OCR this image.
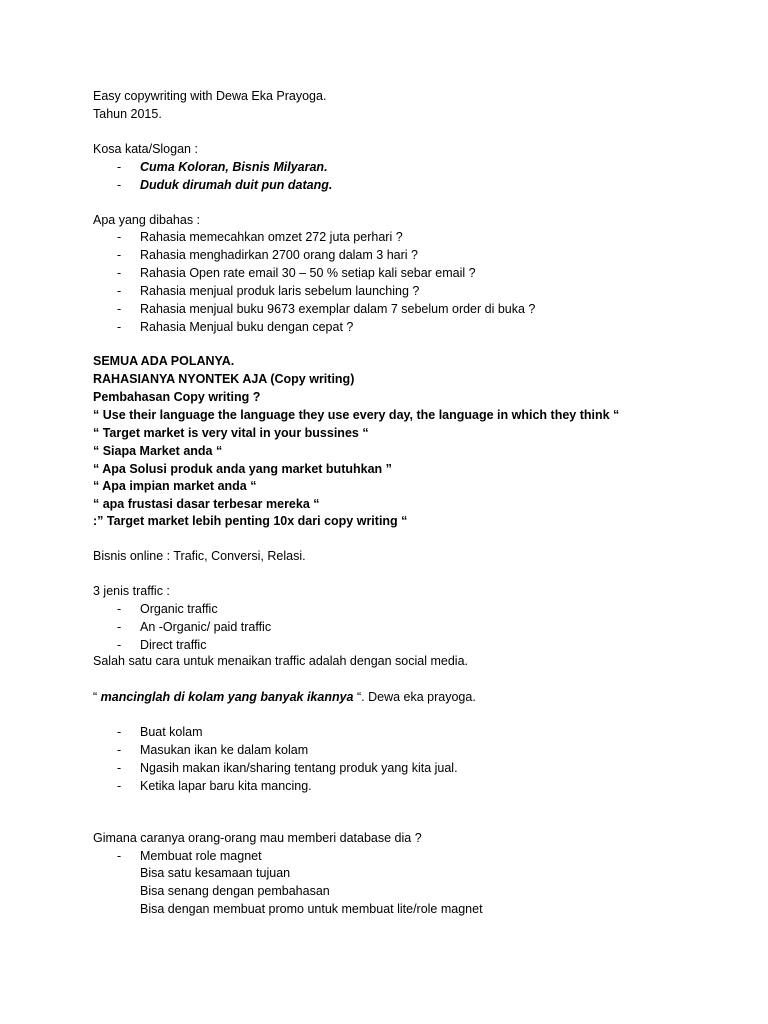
Easy copywriting with Dewa Eka Prayoga.
Tahun 2015.
Kosa kata/Slogan :
-	Cuma Koloran, Bisnis Milyaran.
-	Duduk dirumah duit pun datang.
Apa yang dibahas :
-	Rahasia memecahkan omzet 272 juta perhari ?
-	Rahasia menghadirkan 2700 orang dalam 3 hari ?
-	Rahasia Open rate email 30 – 50 % setiap kali sebar email ?
-	Rahasia menjual produk laris sebelum launching ?
-	Rahasia menjual buku 9673 exemplar dalam 7 sebelum order di buka ?
-	Rahasia Menjual buku dengan cepat ?
SEMUA ADA POLANYA.
RAHASIANYA NYONTEK AJA (Copy writing)
Pembahasan Copy writing ?
“ Use their language the language they use every day, the language in which they think “
“ Target market is very vital in your bussines “
“ Siapa Market anda “
“ Apa Solusi produk anda yang market butuhkan ”
“ Apa impian market anda “
“ apa frustasi dasar terbesar mereka “
:” Target market lebih penting 10x dari copy writing “
Bisnis online : Trafic, Conversi, Relasi.
3 jenis traffic :
-	Organic traffic
-	An -Organic/ paid traffic
-	Direct traffic
Salah satu cara untuk menaikan traffic adalah dengan social media.
“ mancinglah di kolam yang banyak ikannya “. Dewa eka prayoga.
-	Buat kolam
-	Masukan ikan ke dalam kolam
-	Ngasih makan ikan/sharing tentang produk yang kita jual.
-	Ketika lapar baru kita mancing.
Gimana caranya orang-orang mau memberi database dia ?
-	Membuat role magnet
Bisa satu kesamaan tujuan
Bisa senang dengan pembahasan
Bisa dengan membuat promo untuk membuat lite/role magnet
